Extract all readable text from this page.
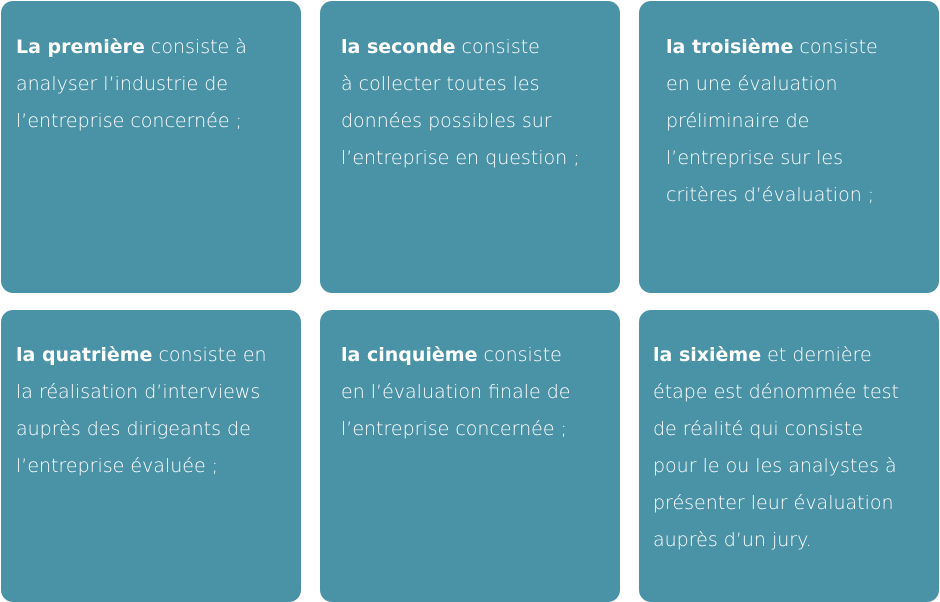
La première consiste à
analyser l’industrie de
l’entreprise concernée ;

la seconde consiste
à collecter toutes les
données possibles sur
l’entreprise en question ;

la troisième consiste
en une évaluation
préliminaire de
l’entreprise sur les
critères d’évaluation ;

la quatrième consiste en
la réalisation d’interviews
auprès des dirigeants de
l’entreprise évaluée ;

la cinquième consiste
en l’évaluation finale de
l’entreprise concernée ;

la sixième et dernière
étape est dénommée test
de réalité qui consiste
pour le ou les analystes à
présenter leur évaluation
auprès d’un jury.
